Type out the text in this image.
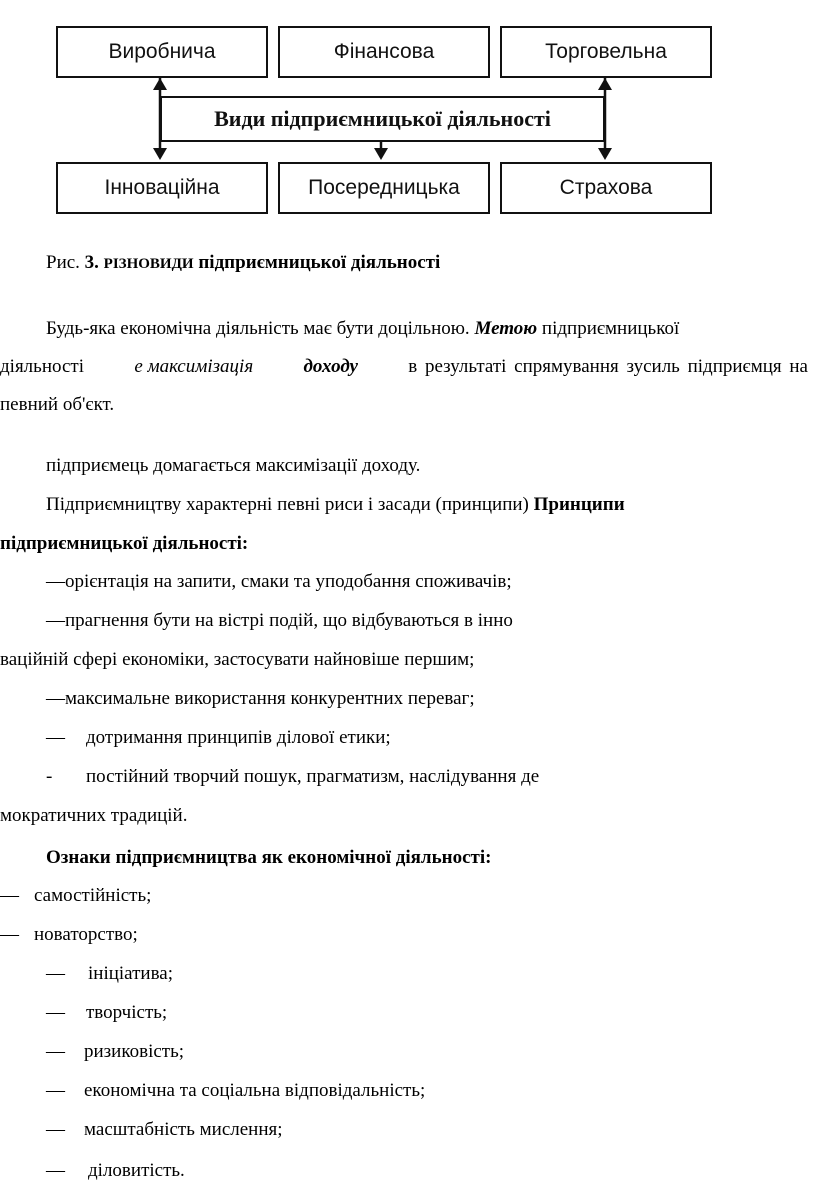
Виробнича	Фінансова	Торговельна
Види підприємницької діяльності
Інноваційна	Посередницька	Страхова
Рис. 3. РІЗНОВИДИ підприємницької діяльності
Будь-яка економічна діяльність має бути доцільною. Метою підприємницької
діяльності	е максимізація	доходу	в результаті спрямування зусиль підприємця на
певний об'єкт.
підприємець домагається максимізації доходу.
Підприємництву характерні певні риси і засади (принципи) Принципи
підприємницької діяльності:
—орієнтація на запити, смаки та уподобання споживачів;
—прагнення бути на вістрі подій, що відбуваються в інно
ваційній сфері економіки, застосувати найновіше першим;
—максимальне використання конкурентних переваг;
— дотримання принципів ділової етики;
- постійний творчий пошук, прагматизм, наслідування де
мократичних традицій.
Ознаки підприємництва як економічної діяльності:
— самостійність;
— новаторство;
— ініціатива;
— творчість;
— ризиковість;
— економічна та соціальна відповідальність;
— масштабність мислення;
— діловитість.
